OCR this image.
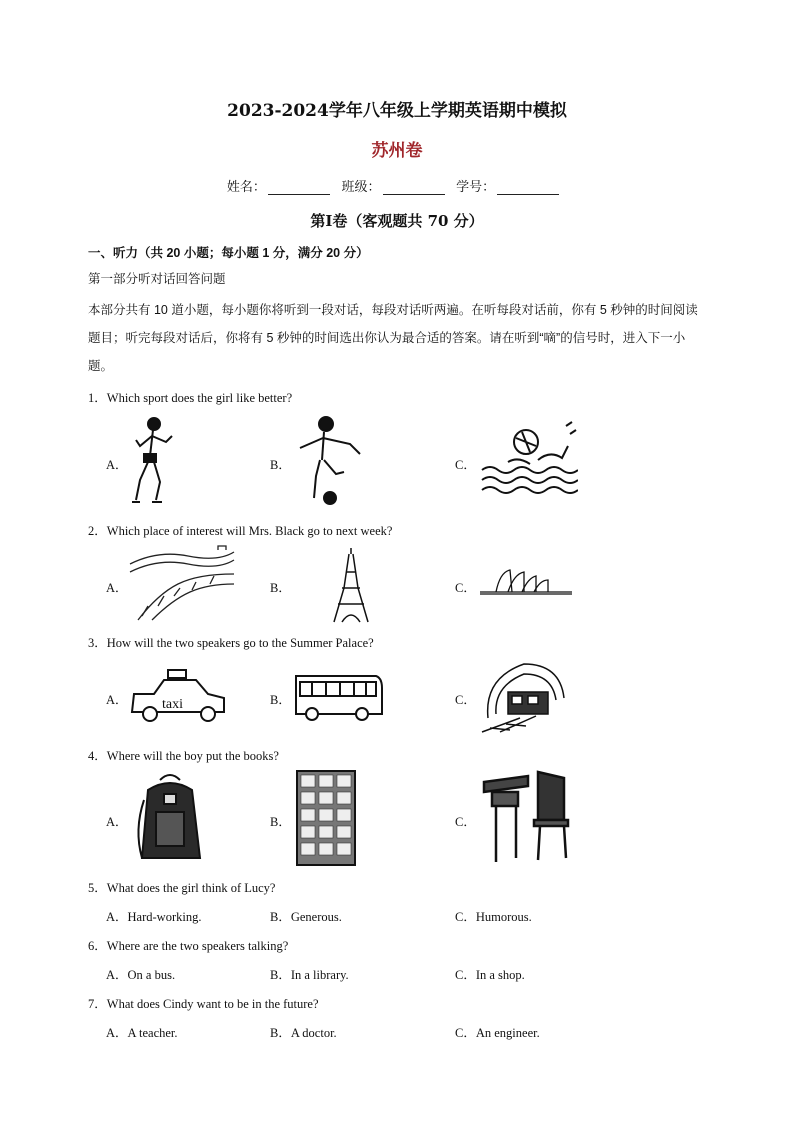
2023-2024学年八年级上学期英语期中模拟
苏州卷
姓名：	班级：	学号：
第I卷（客观题共 70 分）
一、听力（共 20 小题；每小题 1 分，满分 20 分）
第一部分听对话回答问题
本部分共有 10 道小题，每小题你将听到一段对话，每段对话听两遍。在听每段对话前，你有 5 秒钟的时间阅读题目；听完每段对话后，你将有 5 秒钟的时间选出你认为最合适的答案。请在听到“嘀”的信号时，进入下一小题。
1．Which sport does the girl like better?
A．	B．	C．
2．Which place of interest will Mrs. Black go to next week?
A．	B．	C．
3．How will the two speakers go to the Summer Palace?
A．	B．	C．
taxi
4．Where will the boy put the books?
A．	B．	C．
5．What does the girl think of Lucy?
A．Hard-working.	B．Generous.	C．Humorous.
6．Where are the two speakers talking?
A．On a bus.	B．In a library.	C．In a shop.
7．What does Cindy want to be in the future?
A．A teacher.	B．A doctor.	C．An engineer.
